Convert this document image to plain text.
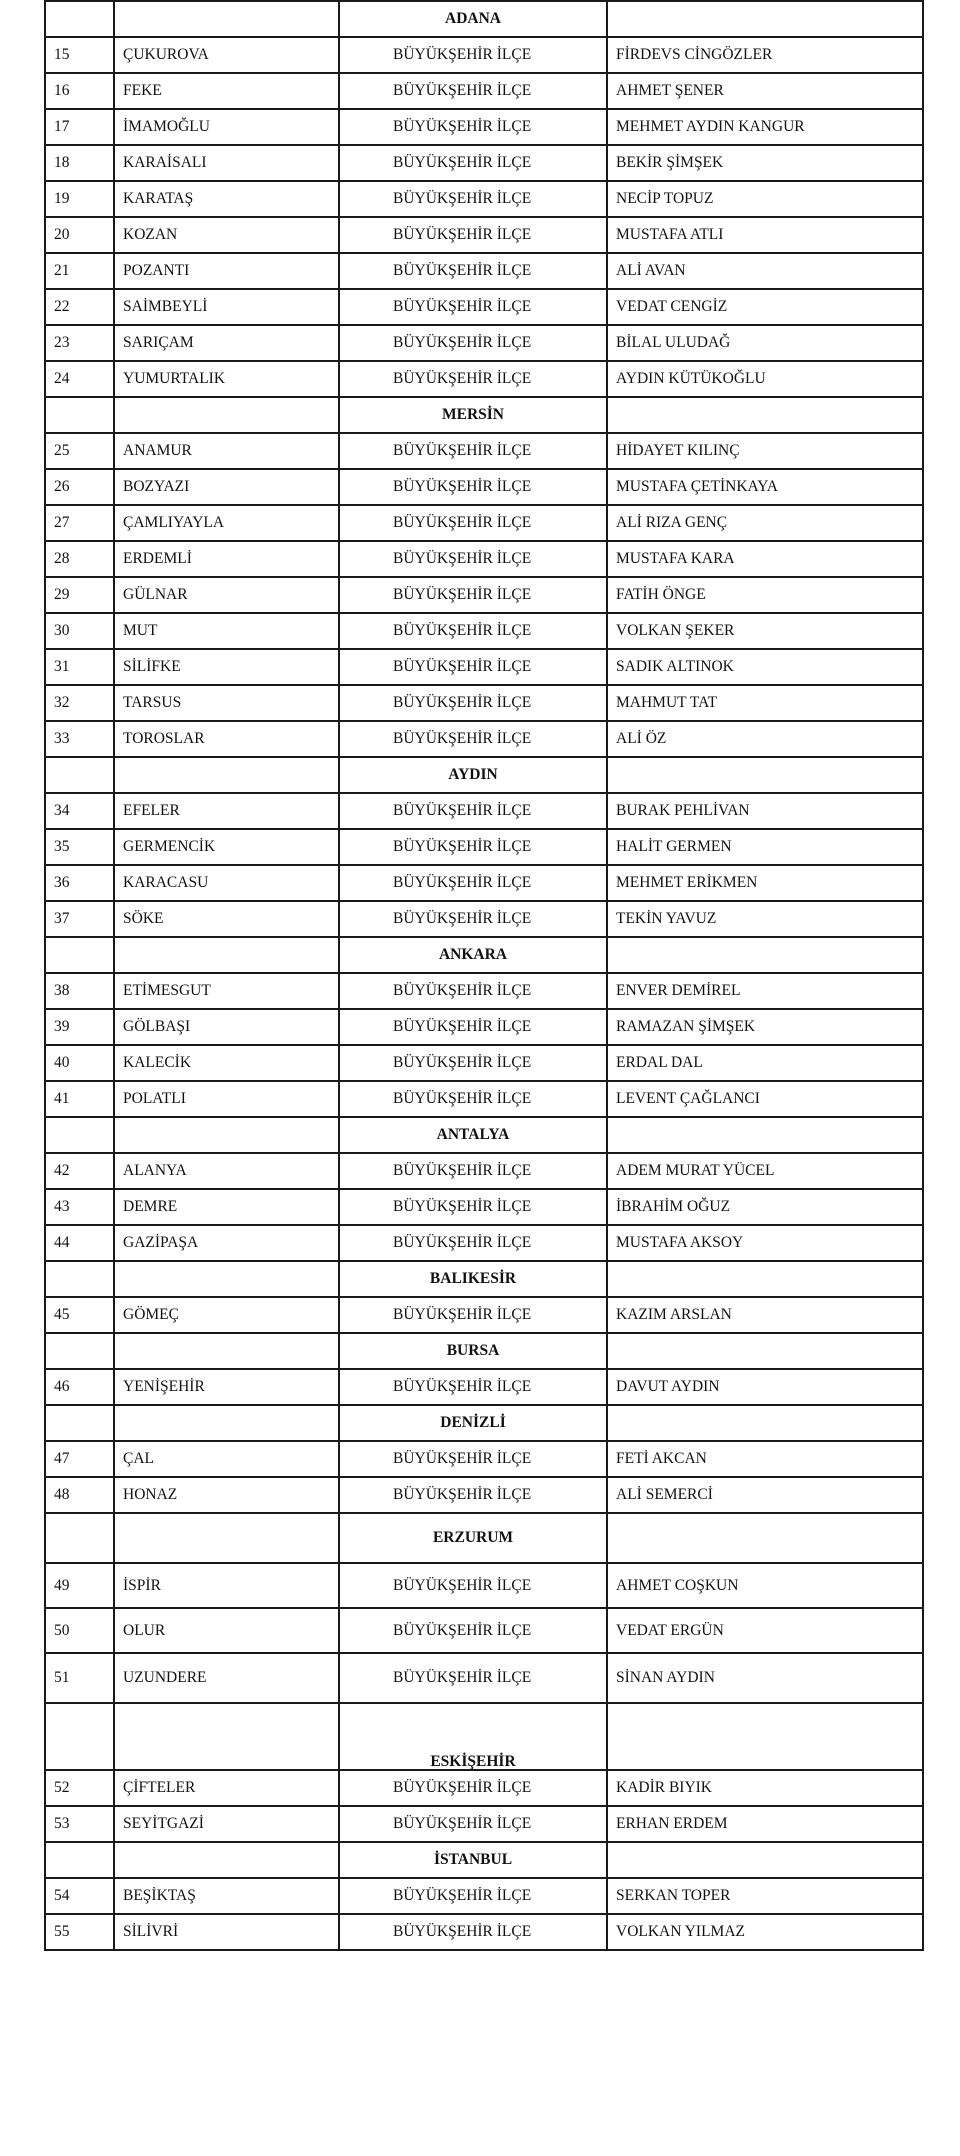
		ADANA	
15	ÇUKUROVA	BÜYÜKŞEHİR İLÇE	FİRDEVS CİNGÖZLER
16	FEKE	BÜYÜKŞEHİR İLÇE	AHMET ŞENER
17	İMAMOĞLU	BÜYÜKŞEHİR İLÇE	MEHMET AYDIN KANGUR
18	KARAİSALI	BÜYÜKŞEHİR İLÇE	BEKİR ŞİMŞEK
19	KARATAŞ	BÜYÜKŞEHİR İLÇE	NECİP TOPUZ
20	KOZAN	BÜYÜKŞEHİR İLÇE	MUSTAFA ATLI
21	POZANTI	BÜYÜKŞEHİR İLÇE	ALİ AVAN
22	SAİMBEYLİ	BÜYÜKŞEHİR İLÇE	VEDAT CENGİZ
23	SARIÇAM	BÜYÜKŞEHİR İLÇE	BİLAL ULUDAĞ
24	YUMURTALIK	BÜYÜKŞEHİR İLÇE	AYDIN KÜTÜKOĞLU
		MERSİN	
25	ANAMUR	BÜYÜKŞEHİR İLÇE	HİDAYET KILINÇ
26	BOZYAZI	BÜYÜKŞEHİR İLÇE	MUSTAFA ÇETİNKAYA
27	ÇAMLIYAYLA	BÜYÜKŞEHİR İLÇE	ALİ RIZA GENÇ
28	ERDEMLİ	BÜYÜKŞEHİR İLÇE	MUSTAFA KARA
29	GÜLNAR	BÜYÜKŞEHİR İLÇE	FATİH ÖNGE
30	MUT	BÜYÜKŞEHİR İLÇE	VOLKAN ŞEKER
31	SİLİFKE	BÜYÜKŞEHİR İLÇE	SADIK ALTINOK
32	TARSUS	BÜYÜKŞEHİR İLÇE	MAHMUT TAT
33	TOROSLAR	BÜYÜKŞEHİR İLÇE	ALİ ÖZ
		AYDIN	
34	EFELER	BÜYÜKŞEHİR İLÇE	BURAK PEHLİVAN
35	GERMENCİK	BÜYÜKŞEHİR İLÇE	HALİT GERMEN
36	KARACASU	BÜYÜKŞEHİR İLÇE	MEHMET ERİKMEN
37	SÖKE	BÜYÜKŞEHİR İLÇE	TEKİN YAVUZ
		ANKARA	
38	ETİMESGUT	BÜYÜKŞEHİR İLÇE	ENVER DEMİREL
39	GÖLBAŞI	BÜYÜKŞEHİR İLÇE	RAMAZAN ŞİMŞEK
40	KALECİK	BÜYÜKŞEHİR İLÇE	ERDAL DAL
41	POLATLI	BÜYÜKŞEHİR İLÇE	LEVENT ÇAĞLANCI
		ANTALYA	
42	ALANYA	BÜYÜKŞEHİR İLÇE	ADEM MURAT YÜCEL
43	DEMRE	BÜYÜKŞEHİR İLÇE	İBRAHİM OĞUZ
44	GAZİPAŞA	BÜYÜKŞEHİR İLÇE	MUSTAFA AKSOY
		BALIKESİR	
45	GÖMEÇ	BÜYÜKŞEHİR İLÇE	KAZIM ARSLAN
		BURSA	
46	YENİŞEHİR	BÜYÜKŞEHİR İLÇE	DAVUT AYDIN
		DENİZLİ	
47	ÇAL	BÜYÜKŞEHİR İLÇE	FETİ AKCAN
48	HONAZ	BÜYÜKŞEHİR İLÇE	ALİ SEMERCİ
		ERZURUM	
49	İSPİR	BÜYÜKŞEHİR İLÇE	AHMET COŞKUN
50	OLUR	BÜYÜKŞEHİR İLÇE	VEDAT ERGÜN
51	UZUNDERE	BÜYÜKŞEHİR İLÇE	SİNAN AYDIN
		ESKİŞEHİR	
52	ÇİFTELER	BÜYÜKŞEHİR İLÇE	KADİR BIYIK
53	SEYİTGAZİ	BÜYÜKŞEHİR İLÇE	ERHAN ERDEM
		İSTANBUL	
54	BEŞİKTAŞ	BÜYÜKŞEHİR İLÇE	SERKAN TOPER
55	SİLİVRİ	BÜYÜKŞEHİR İLÇE	VOLKAN YILMAZ
